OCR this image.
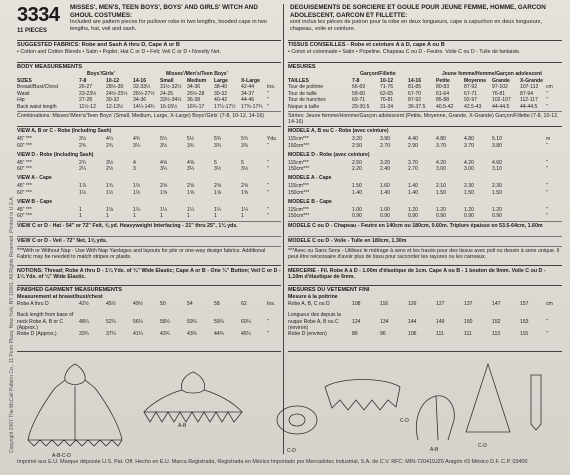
Copyright 2007 The McCall Pattern Co., 11 Penn Plaza, New York, NY 10001. All Rights Reserved. Printed in U.S.A.
3334 MISSES', MEN'S, TEEN BOYS', BOYS' AND GIRLS' WITCH AND GHOUL COSTUMES:
Included are pattern pieces for pullover robe in two lengths, hooded cape in two lengths, hat, veil and sash.
11 PIECES
DEGUISEMENTS DE SORCIERE ET GOULE POUR JEUNE FEMME, HOMME, GARCON ADOLESCENT, GARCON ET FILLETTE:
sont inclus les pièces de patron pour la robe en deux longueurs, cape à capuchon en deux longueurs, chapeau, voile et ceinture.
SUGGESTED FABRICS: Robe and Sash A thru D, Cape A or B
• Cotton and Cotton Blends • Satin • Poplin; Hat C or D • Felt; Veil C or D • Novelty Net.
BODY MEASUREMENTS
Boys'/Girls'	Misses'/Men's/Teen Boys'
SIZES	7-8	10-12	14-16	Small	Medium Large	X-Large
Breast/Bust/Chest	26-27	28½-30 32-33½ 31½-32½ 34-36	38-40	42-44	Ins.
Waist	23-23½ 24½-25½ 26½-27½ 24-25	26½-28 30-32	34-37	"
Hip	27-28	30-32	34-36	33½-34½ 36-38	40-42	44-46	"
Back waist length	11½-12 12-13½ 14¼-14¾ 16-16½ 16¾-17 17¼-17½ 17¾-17¾ "
Combinations: Misses'/Men's/Teen Boys' (Small, Medium, Large, X-Large) Boys'/Girls' (7-8, 10-12, 14-16)
VIEW A, B or C - Robe (Including Sash)
45" ***	3½	4¼	4¾	5¼	5½	5¾	5¾	Yds.
60" ***	2¾	2¾	3¼	3½	3¾	3¾	3¾	"
VIEW D - Robe (Including Sash)
45" ***	2¾	3½	4	4⅝	4⅝	5	5	"
60" ***	2¼	2½	3	3¼	3¼	3½	3½	"
VIEW A - Cape
45" ***	1⅞	1¾	1½	2⅝	2⅝	2⅝	2⅝	"
60" ***	1½	1½	1½	1⅝	1⅝	1⅝	1⅝	"
VIEW B - Cape
45" ***	1	1⅛	1¼	1¼	1¼	1¼	1¼	"
60" ***	1	1	1	1	1	1	1	"
VIEW C or D - Hat - 54" or 72" Felt, ⅝ yd. Heavyweight Interfacing - 21" thru 25", 1¾ yds.
VIEW C or D - Veil - 72" Net, 1⅝ yds.
***With or Without Nap - Use With Nap Yardages and layouts for pile or one-way design fabrics. Additional Fabric may be needed to match stripes or plaids.
NOTIONS: Thread; Robe A thru D - 1¼ Yds. of ¾" Wide Elastic; Cape A or B - One ¾" Button; Veil C or D - 1¼ Yds. of ¼" Wide Elastic.
FINISHED GARMENT MEASUREMENTS
Measurement at breast/bust/chest
Robe A thru D	42½	45½	49½	50	54	58	62	Ins.
Back length from base of neck Robe A, B or C (Approx.)
48¼	52¼	56¼	58¼	59¼	59¼	60¼	"
Robe D (Approx.)	33¾	37¼	41¼	43¾	43¾	44¾	45¼	"
TISSUS CONSEILLES - Robe et ceinture A à D, cape A ou B
• Coton et cotonnade • Satin • Popeline. Chapeau C ou D - Feutre. Voile C ou D - Tulle de fantaisie.
MESURES
Garçon/Fillette	Jeune femme/Homme/Garçon adolescent
TAILLES	7-8	10-12	14-16	Petite	Moyenne Grande X-Grande
Tour de poitrine	66-69	71-76	81-85	80-83	87-92	97-102 107-112 cm
Tour de taille	58-60	62-65	67-70	61-64	67-71	76-81	87-94	"
Tour de hanches	69-71	76-81	87-92	85-88	92-97	102-107 112-117 "
Nuque à taille	29-30.5 31-34	36-37.5 40.5-42 42.5-43 44-44.5 44-44.5 "
Séries: Jeune femme/Homme/Garçon adolescent (Petite, Moyenne, Grande, X-Grande) Garçon/Fillette (7-8, 10-12, 14-16)
MODELE A, B ou C - Robe (avec ceinture)
115cm***	3.20	3.90	4.40	4.80	4.80	5.10	m
150cm***	2.50	2.70	2.90	3.70	3.70	3.80	"
MODELE D - Robe (avec ceinture)
115cm***	2.50	3.20	3.70	4.20	4.20	4.60	"
150cm***	2.20	2.40	2.70	3.00	3.00	3.10	"
MODELE A - Cape
115cm***	1.50	1.60	1.40	2.10	2.30	2.30	"
150cm***	1.40	1.40	1.40	1.50	1.50	1.50	"
MODELE B - Cape
115cm***	1.00	1.00	1.20	1.20	1.20	1.20	"
150cm***	0.90	0.90	0.90	0.90	0.90	0.90	"
MODELE C ou D - Chapeau - Feutre en 140cm ou 180cm, 0.60m. Triplure épaisse en 53.5-64cm, 1.60m
MODELE C ou D - Voile - Tulle en 180cm, 1.30m
***Avec ou Sans Sens - Utilisez le métrage à sens et les tracés pour des tissus avec poil ou dessin à sens unique. Il peut être nécessaire d'avoir plus de tissu pour raccorder les rayures ou les carreaux.
MERCERIE - Fil. Robe A à D - 1.00m d'élastique de 1cm. Cape A ou B - 1 bouton de 9mm. Voile C ou D - 1.10m d'élastique de 6mm.
MESURES DU VETEMENT FINI
Mesure à la poitrine
Robe A, B, C ou D	108	116	126	127	137	147	157	cm
Longueur dos depuis la nuque Robe A, B ou C (environ)
124	134	144	149	150	152	153	"
Robe D (environ)	86	96	106	111	111	113	115	"
A-B-C-D
A-B
C-D
C-D
A-B
C-D
Imprimé aux E.U. Marque déposée U.S. Pat. Off. Hecho en E.U. Marca Registrada, Registrada en México Importado por Mercadotec Industrial, S.A. de C.V. RFC: MIN-720419JZ6 Aragón #3 México D.F. C.P. 03400
